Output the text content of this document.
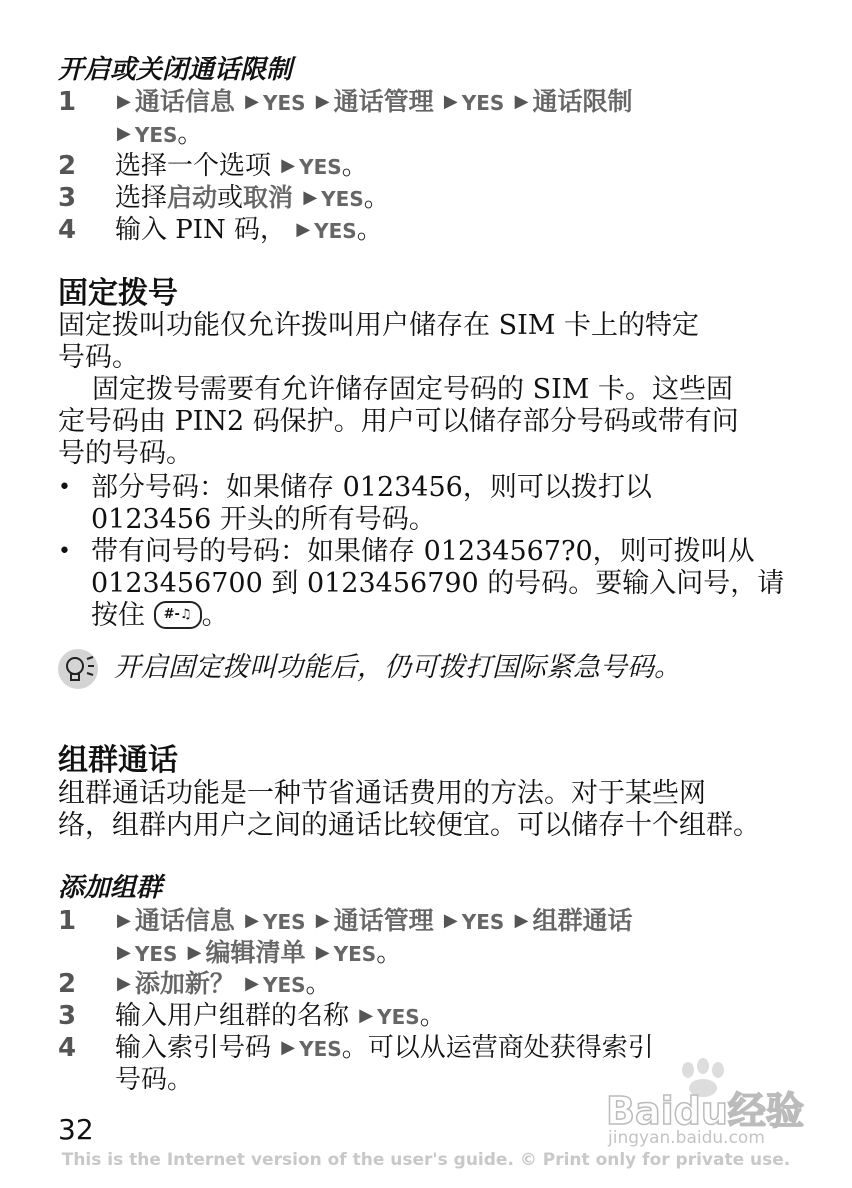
开启或关闭通话限制
1 ▶ 通话信息 ▶ YES ▶ 通话管理 ▶ YES ▶ 通话限制
▶ YES。
2 选择一个选项 ▶ YES。
3 选择启动或取消 ▶ YES。
4 输入 PIN 码， ▶ YES。
固定拨号
固定拨叫功能仅允许拨叫用户储存在 SIM 卡上的特定
号码。
固定拨号需要有允许储存固定号码的 SIM 卡。这些固
定号码由 PIN2 码保护。用户可以储存部分号码或带有问
号的号码。
• 部分号码：如果储存 0123456，则可以拨打以
0123456 开头的所有号码。
• 带有问号的号码：如果储存 01234567?0，则可拨叫从
0123456700 到 0123456790 的号码。要输入问号，请
按住 #-♫ 。
开启固定拨叫功能后，仍可拨打国际紧急号码。
组群通话
组群通话功能是一种节省通话费用的方法。对于某些网
络，组群内用户之间的通话比较便宜。可以储存十个组群。
添加组群
1 ▶ 通话信息 ▶ YES ▶ 通话管理 ▶ YES ▶ 组群通话
▶ YES ▶ 编辑清单 ▶ YES。
2 ▶ 添加新？ ▶ YES。
3 输入用户组群的名称 ▶ YES。
4 输入索引号码 ▶ YES。可以从运营商处获得索引
号码。
Baidu经验
jingyan.baidu.com
32
This is the Internet version of the user's guide. © Print only for private use.
